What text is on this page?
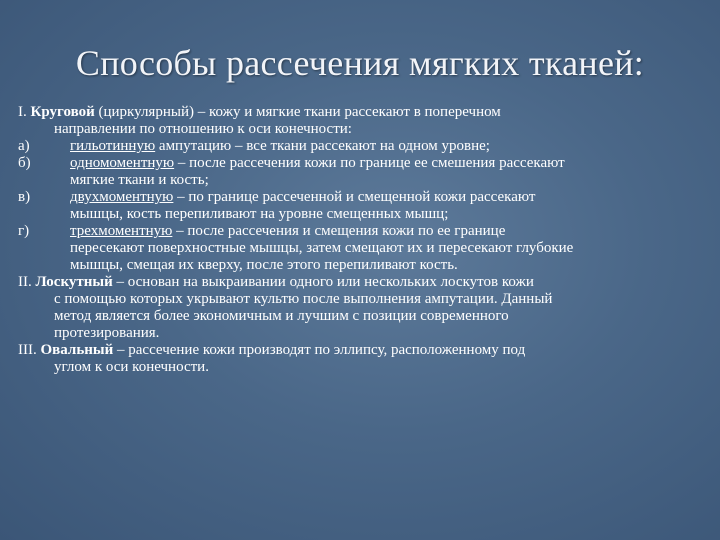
Способы рассечения мягких тканей:

I. Круговой (циркулярный) – кожу и мягкие ткани рассекают в поперечном
направлении по отношению к оси конечности:

а)	гильотинную ампутацию – все ткани рассекают на одном уровне;

б)	одномоментную – после рассечения кожи по границе ее смешения рассекают
мягкие ткани и кость;

в)	двухмоментную – по границе рассеченной и смещенной кожи рассекают
мышцы, кость перепиливают на уровне смещенных мышц;

г)	трехмоментную – после рассечения и смещения кожи по ее границе
пересекают поверхностные мышцы, затем смещают их и пересекают глубокие
мышцы, смещая их кверху, после этого перепиливают кость.

II. Лоскутный – основан на выкраивании одного или нескольких лоскутов кожи
с помощью которых укрывают культю после выполнения ампутации. Данный
метод является более экономичным и лучшим с позиции современного
протезирования.

III. Овальный – рассечение кожи производят по эллипсу, расположенному под
углом к оси конечности.
